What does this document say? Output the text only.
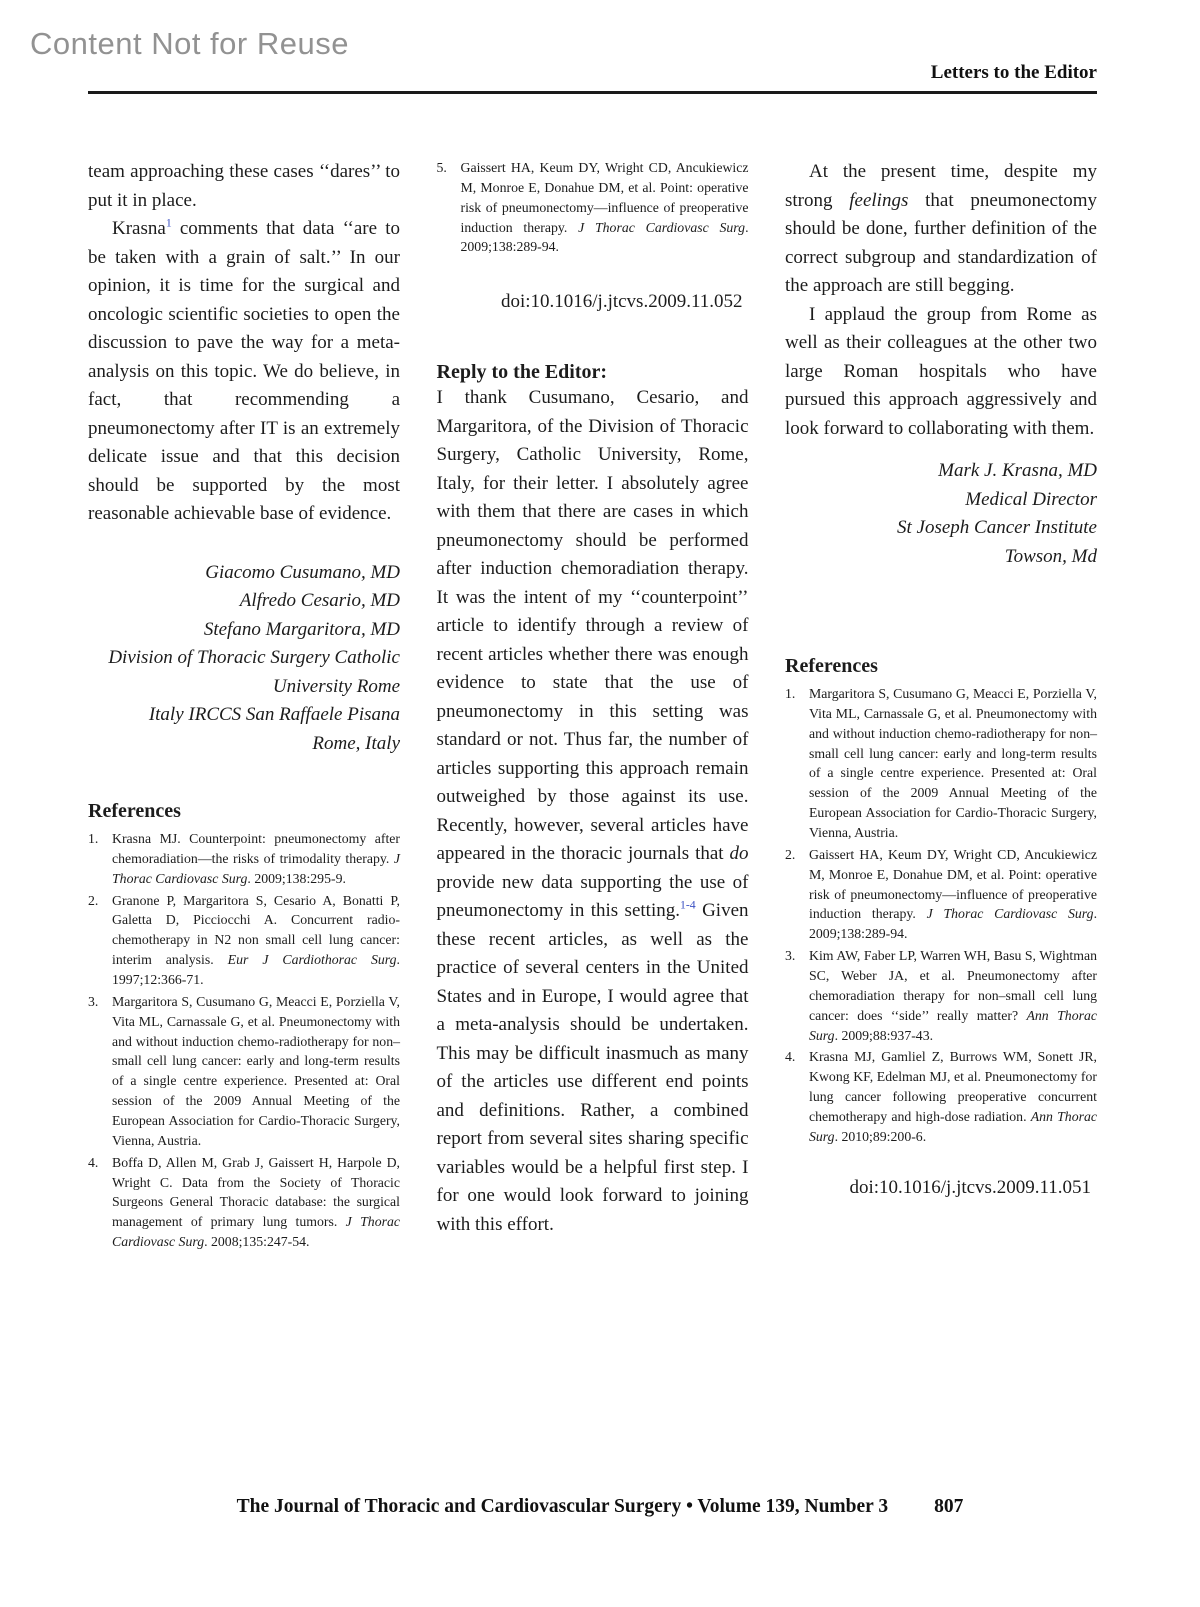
Content Not for Reuse
Letters to the Editor

team approaching these cases ‘‘dares’’ to put it in place.

Krasna$^1$ comments that data ‘‘are to be taken with a grain of salt.’’ In our opinion, it is time for the surgical and oncologic scientific societies to open the discussion to pave the way for a meta-analysis on this topic. We do believe, in fact, that recommending a pneumonectomy after IT is an extremely delicate issue and that this decision should be supported by the most reasonable achievable base of evidence.

Giacomo Cusumano, MD
Alfredo Cesario, MD
Stefano Margaritora, MD
Division of Thoracic Surgery Catholic
University Rome
Italy IRCCS San Raffaele Pisana
Rome, Italy
References
1. Krasna MJ. Counterpoint: pneumonectomy after chemoradiation—the risks of trimodality therapy. J Thorac Cardiovasc Surg. 2009;138:295-9.
2. Granone P, Margaritora S, Cesario A, Bonatti P, Galetta D, Picciocchi A. Concurrent radio-chemotherapy in N2 non small cell lung cancer: interim analysis. Eur J Cardiothorac Surg. 1997;12:366-71.
3. Margaritora S, Cusumano G, Meacci E, Porziella V, Vita ML, Carnassale G, et al. Pneumonectomy with and without induction chemo-radiotherapy for non–small cell lung cancer: early and long-term results of a single centre experience. Presented at: Oral session of the 2009 Annual Meeting of the European Association for Cardio-Thoracic Surgery, Vienna, Austria.
4. Boffa D, Allen M, Grab J, Gaissert H, Harpole D, Wright C. Data from the Society of Thoracic Surgeons General Thoracic database: the surgical management of primary lung tumors. J Thorac Cardiovasc Surg. 2008;135:247-54.
5. Gaissert HA, Keum DY, Wright CD, Ancukiewicz M, Monroe E, Donahue DM, et al. Point: operative risk of pneumonectomy—influence of preoperative induction therapy. J Thorac Cardiovasc Surg. 2009;138:289-94.
doi:10.1016/j.jtcvs.2009.11.052
Reply to the Editor:

I thank Cusumano, Cesario, and Margaritora, of the Division of Thoracic Surgery, Catholic University, Rome, Italy, for their letter. I absolutely agree with them that there are cases in which pneumonectomy should be performed after induction chemoradiation therapy. It was the intent of my ‘‘counterpoint’’ article to identify through a review of recent articles whether there was enough evidence to state that the use of pneumonectomy in this setting was standard or not. Thus far, the number of articles supporting this approach remain outweighed by those against its use. Recently, however, several articles have appeared in the thoracic journals that do provide new data supporting the use of pneumonectomy in this setting.$^{1-4}$ Given these recent articles, as well as the practice of several centers in the United States and in Europe, I would agree that a meta-analysis should be undertaken. This may be difficult inasmuch as many of the articles use different end points and definitions. Rather, a combined report from several sites sharing specific variables would be a helpful first step. I for one would look forward to joining with this effort.

At the present time, despite my strong feelings that pneumonectomy should be done, further definition of the correct subgroup and standardization of the approach are still begging.

I applaud the group from Rome as well as their colleagues at the other two large Roman hospitals who have pursued this approach aggressively and look forward to collaborating with them.

Mark J. Krasna, MD
Medical Director
St Joseph Cancer Institute
Towson, Md
References
1. Margaritora S, Cusumano G, Meacci E, Porziella V, Vita ML, Carnassale G, et al. Pneumonectomy with and without induction chemo-radiotherapy for non–small cell lung cancer: early and long-term results of a single centre experience. Presented at: Oral session of the 2009 Annual Meeting of the European Association for Cardio-Thoracic Surgery, Vienna, Austria.
2. Gaissert HA, Keum DY, Wright CD, Ancukiewicz M, Monroe E, Donahue DM, et al. Point: operative risk of pneumonectomy—influence of preoperative induction therapy. J Thorac Cardiovasc Surg. 2009;138:289-94.
3. Kim AW, Faber LP, Warren WH, Basu S, Wightman SC, Weber JA, et al. Pneumonectomy after chemoradiation therapy for non–small cell lung cancer: does ‘‘side’’ really matter? Ann Thorac Surg. 2009;88:937-43.
4. Krasna MJ, Gamliel Z, Burrows WM, Sonett JR, Kwong KF, Edelman MJ, et al. Pneumonectomy for lung cancer following preoperative concurrent chemotherapy and high-dose radiation. Ann Thorac Surg. 2010;89:200-6.
doi:10.1016/j.jtcvs.2009.11.051
The Journal of Thoracic and Cardiovascular Surgery • Volume 139, Number 3 807
